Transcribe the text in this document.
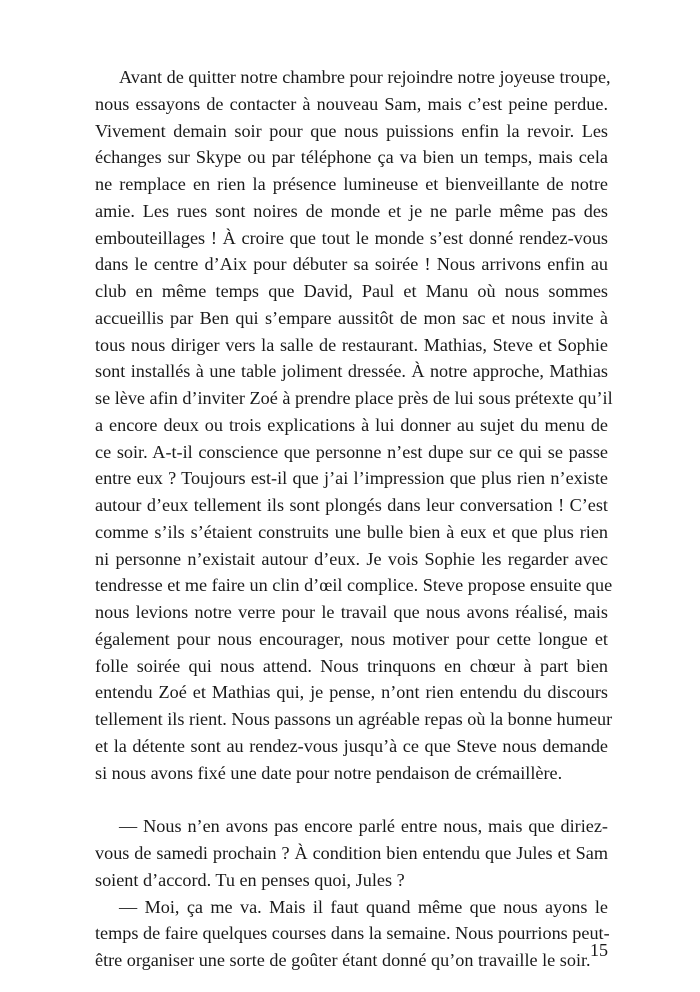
Avant de quitter notre chambre pour rejoindre notre joyeuse troupe,
nous essayons de contacter à nouveau Sam, mais c’est peine perdue.
Vivement demain soir pour que nous puissions enfin la revoir. Les
échanges sur Skype ou par téléphone ça va bien un temps, mais cela
ne remplace en rien la présence lumineuse et bienveillante de notre
amie. Les rues sont noires de monde et je ne parle même pas des
embouteillages ! À croire que tout le monde s’est donné rendez-vous
dans le centre d’Aix pour débuter sa soirée ! Nous arrivons enfin au
club en même temps que David, Paul et Manu où nous sommes
accueillis par Ben qui s’empare aussitôt de mon sac et nous invite à
tous nous diriger vers la salle de restaurant. Mathias, Steve et Sophie
sont installés à une table joliment dressée. À notre approche, Mathias
se lève afin d’inviter Zoé à prendre place près de lui sous prétexte qu’il
a encore deux ou trois explications à lui donner au sujet du menu de
ce soir. A-t-il conscience que personne n’est dupe sur ce qui se passe
entre eux ? Toujours est-il que j’ai l’impression que plus rien n’existe
autour d’eux tellement ils sont plongés dans leur conversation ! C’est
comme s’ils s’étaient construits une bulle bien à eux et que plus rien
ni personne n’existait autour d’eux. Je vois Sophie les regarder avec
tendresse et me faire un clin d’œil complice. Steve propose ensuite que
nous levions notre verre pour le travail que nous avons réalisé, mais
également pour nous encourager, nous motiver pour cette longue et
folle soirée qui nous attend. Nous trinquons en chœur à part bien
entendu Zoé et Mathias qui, je pense, n’ont rien entendu du discours
tellement ils rient. Nous passons un agréable repas où la bonne humeur
et la détente sont au rendez-vous jusqu’à ce que Steve nous demande
si nous avons fixé une date pour notre pendaison de crémaillère.
— Nous n’en avons pas encore parlé entre nous, mais que diriez-
vous de samedi prochain ? À condition bien entendu que Jules et Sam
soient d’accord. Tu en penses quoi, Jules ?
— Moi, ça me va. Mais il faut quand même que nous ayons le
temps de faire quelques courses dans la semaine. Nous pourrions peut-
être organiser une sorte de goûter étant donné qu’on travaille le soir. 15
